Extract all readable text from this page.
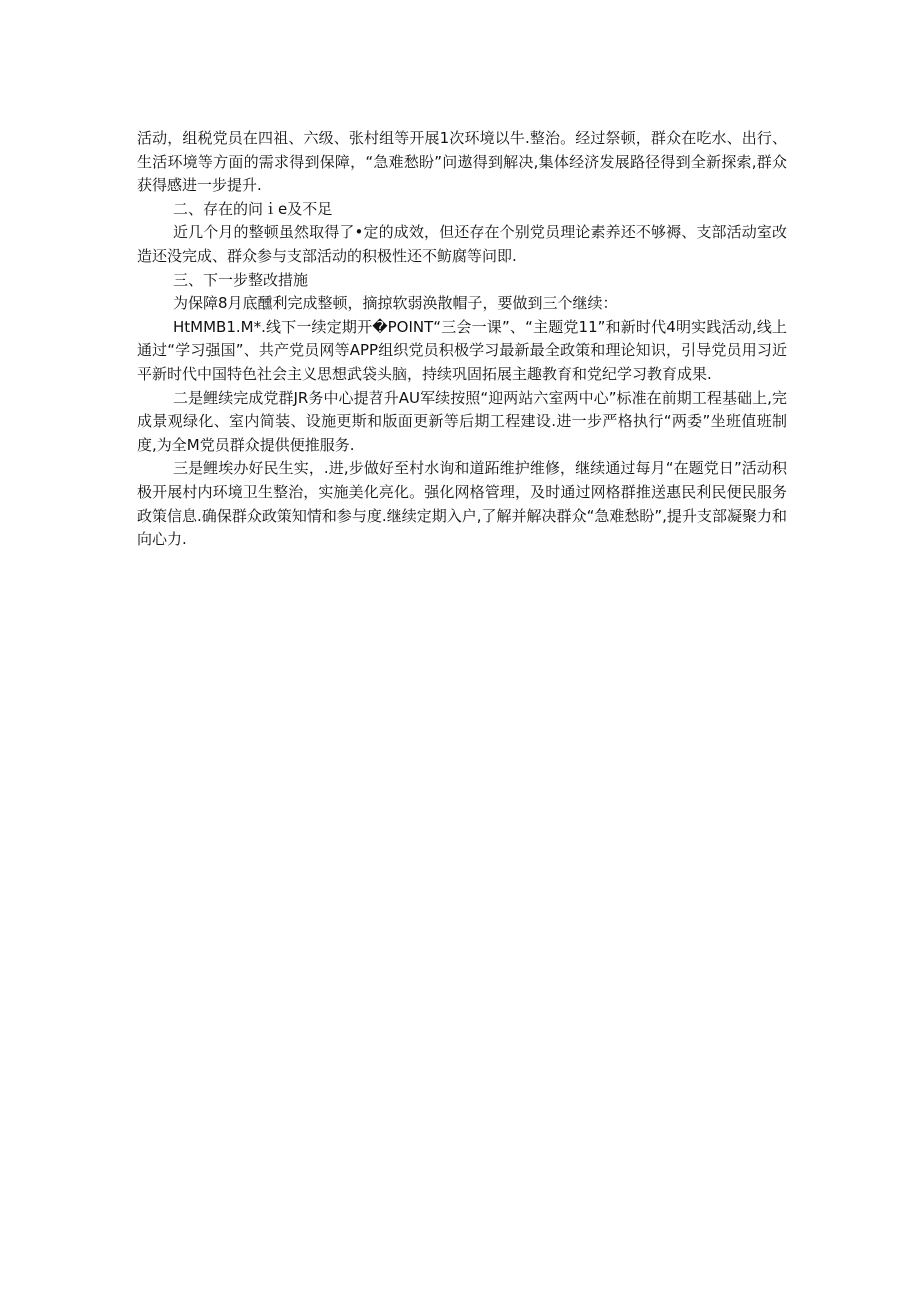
活动，组税党员在四祖、六级、张村组等开展1次环境以牛.整治。经过祭顿，群众在吃水、出行、生活环境等方面的需求得到保障，“急难愁盼”问遨得到解决,集体经济发展路径得到全新探索,群众获得感进一步提升.

二、存在的问ｉe及不足

近几个月的整顿虽然取得了•定的成效，但还存在个别党员理论素养还不够褥、支部活动室改造还没完成、群众参与支部活动的积极性还不鲂腐等问即.

三、下一步整改措施

为保障8月底醺利完成整顿，摘掠软弱涣散帽子，要做到三个继续：

HtMMB1.M*.线下一续定期开�POINT“三会一课”、“主题党11”和新时代4明实践活动,线上通过“学习强国”、共产党员网等APP组织党员积极学习最新最全政策和理论知识，引导党员用习近平新时代中国特色社会主义思想武袋头脑，持续巩固拓展主趣教育和党纪学习教育成果.

二是鲤续完成党群JR务中心提苕升AU军续按照“迎两站六室两中心”标准在前期工程基础上,完成景观绿化、室内简装、设施更斯和版面更新等后期工程建设.进一步严格执行“两委”坐班值班制度,为全M党员群众提供便推服务.

三是鲤埃办好民生实，.进,步做好至村水询和道跖维护维修，继续通过每月“在题党日”活动积极开展村内环境卫生整治，实施美化亮化。强化网格管理，及时通过网格群推送惠民利民便民服务政策信息.确保群众政策知情和参与度.继续定期入户,了解并解决群众“急难愁盼”,提升支部凝聚力和向心力.
